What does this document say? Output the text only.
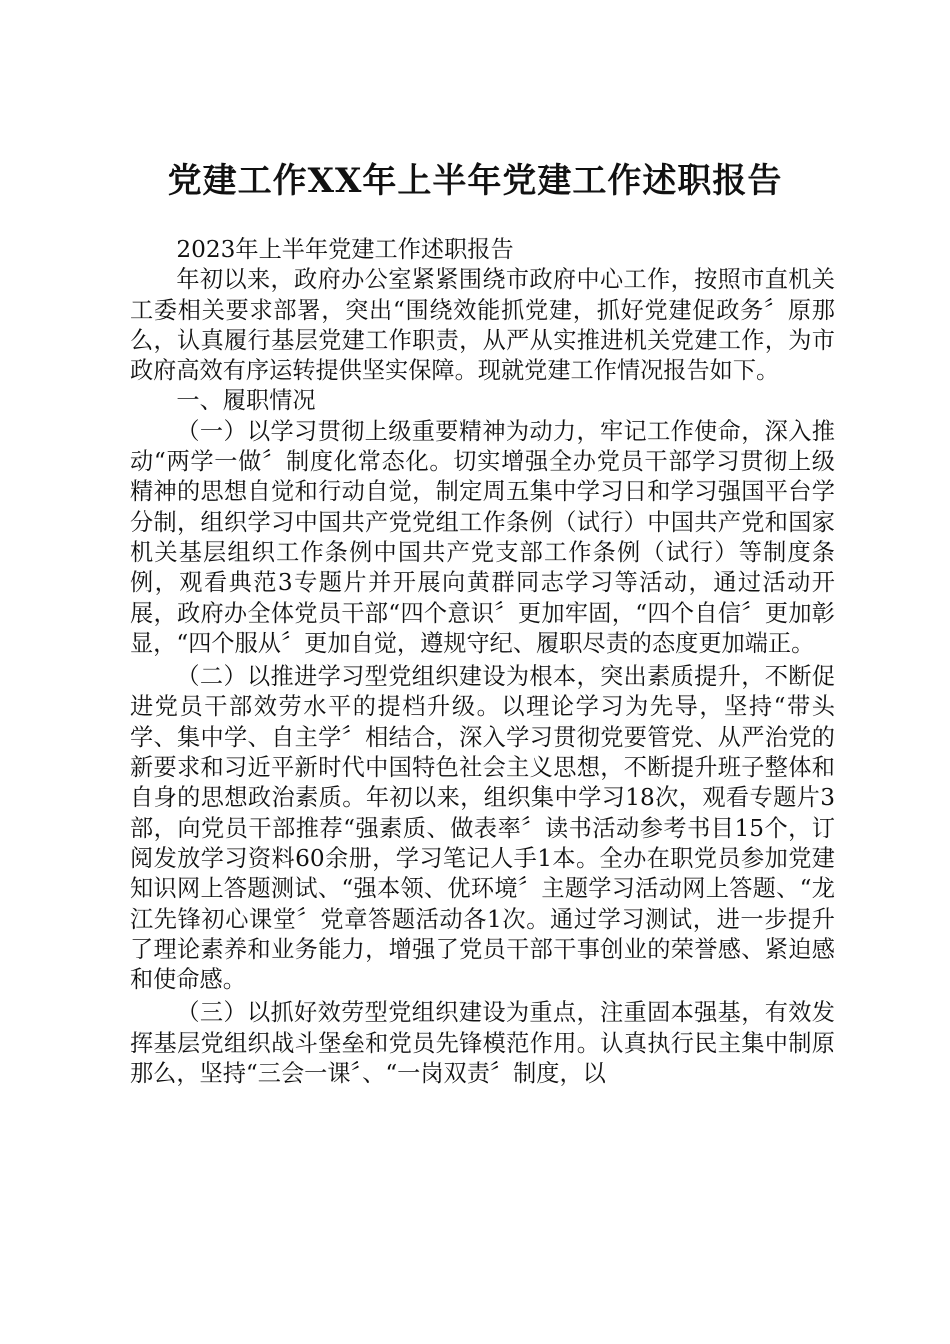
党建工作XX年上半年党建工作述职报告

2023年上半年党建工作述职报告

年初以来，政府办公室紧紧围绕市政府中心工作，按照市直机关工委相关要求部署，突出“围绕效能抓党建，抓好党建促政务〞原那么，认真履行基层党建工作职责，从严从实推进机关党建工作，为市政府高效有序运转提供坚实保障。现就党建工作情况报告如下。

一、履职情况

（一）以学习贯彻上级重要精神为动力，牢记工作使命，深入推动“两学一做〞制度化常态化。切实增强全办党员干部学习贯彻上级精神的思想自觉和行动自觉，制定周五集中学习日和学习强国平台学分制，组织学习中国共产党党组工作条例（试行）中国共产党和国家机关基层组织工作条例中国共产党支部工作条例（试行）等制度条例，观看典范3专题片并开展向黄群同志学习等活动，通过活动开展，政府办全体党员干部“四个意识〞更加牢固，“四个自信〞更加彰显，“四个服从〞更加自觉，遵规守纪、履职尽责的态度更加端正。

（二）以推进学习型党组织建设为根本，突出素质提升，不断促进党员干部效劳水平的提档升级。以理论学习为先导，坚持“带头学、集中学、自主学〞相结合，深入学习贯彻党要管党、从严治党的新要求和习近平新时代中国特色社会主义思想，不断提升班子整体和自身的思想政治素质。年初以来，组织集中学习18次，观看专题片3部，向党员干部推荐“强素质、做表率〞读书活动参考书目15个，订阅发放学习资料60余册，学习笔记人手1本。全办在职党员参加党建知识网上答题测试、“强本领、优环境〞主题学习活动网上答题、“龙江先锋初心课堂〞党章答题活动各1次。通过学习测试，进一步提升了理论素养和业务能力，增强了党员干部干事创业的荣誉感、紧迫感和使命感。

（三）以抓好效劳型党组织建设为重点，注重固本强基，有效发挥基层党组织战斗堡垒和党员先锋模范作用。认真执行民主集中制原那么，坚持“三会一课〞、“一岗双责〞制度，以
